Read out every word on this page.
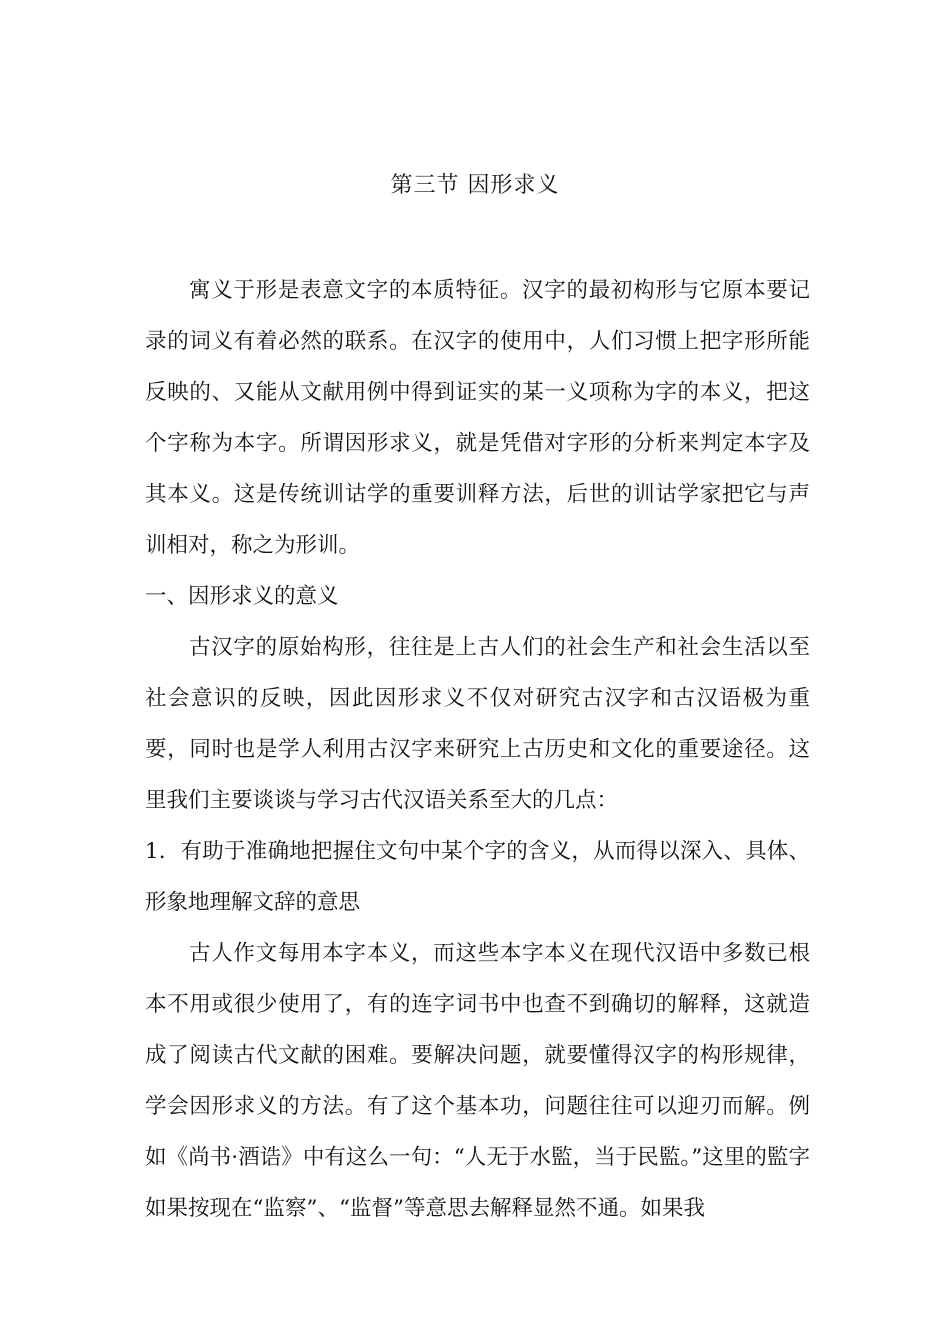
第三节 因形求义

寓义于形是表意文字的本质特征。汉字的最初构形与它原本要记录的词义有着必然的联系。在汉字的使用中，人们习惯上把字形所能反映的、又能从文献用例中得到证实的某一义项称为字的本义，把这个字称为本字。所谓因形求义，就是凭借对字形的分析来判定本字及其本义。这是传统训诂学的重要训释方法，后世的训诂学家把它与声训相对，称之为形训。

一、因形求义的意义

古汉字的原始构形，往往是上古人们的社会生产和社会生活以至社会意识的反映，因此因形求义不仅对研究古汉字和古汉语极为重要，同时也是学人利用古汉字来研究上古历史和文化的重要途径。这里我们主要谈谈与学习古代汉语关系至大的几点：

1．有助于准确地把握住文句中某个字的含义，从而得以深入、具体、形象地理解文辞的意思

古人作文每用本字本义，而这些本字本义在现代汉语中多数已根本不用或很少使用了，有的连字词书中也查不到确切的解释，这就造成了阅读古代文献的困难。要解决问题，就要懂得汉字的构形规律，学会因形求义的方法。有了这个基本功，问题往往可以迎刃而解。例如《尚书·酒诰》中有这么一句：“人无于水監，当于民監。”这里的監字如果按现在“监察”、“监督”等意思去解释显然不通。如果我
